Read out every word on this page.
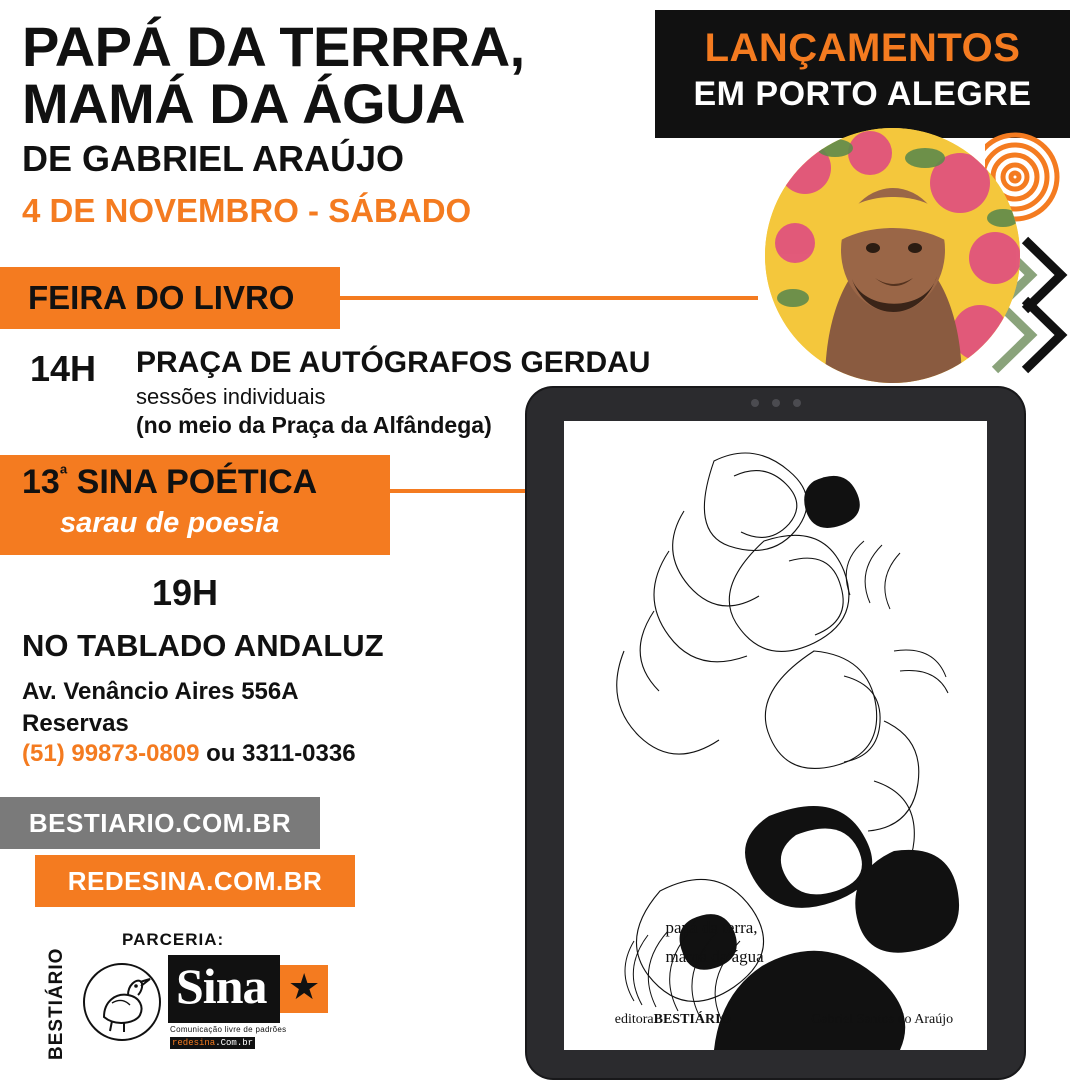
PAPÁ DA TERRRA,
MAMÁ DA ÁGUA
DE GABRIEL ARAÚJO
4 DE NOVEMBRO - SÁBADO
LANÇAMENTOS
EM PORTO ALEGRE
FEIRA DO LIVRO
14H PRAÇA DE AUTÓGRAFOS GERDAU
sessões individuais
(no meio da Praça da Alfândega)
$13^ª$ SINA POÉTICA
sarau de poesia
19H
NO TABLADO ANDALUZ
Av. Venâncio Aires 556A
Reservas
(51) 99873-0809 ou 3311-0336
BESTIARIO.COM.BR
REDESINA.COM.BR
PARCERIA:
BESTIÁRIO Sina ★
Comunicação livre de padrões
redesina.Com.br
papá da terra,
mamá da água
editoraBESTIÁRIO	Gabriel Santos do Araújo
